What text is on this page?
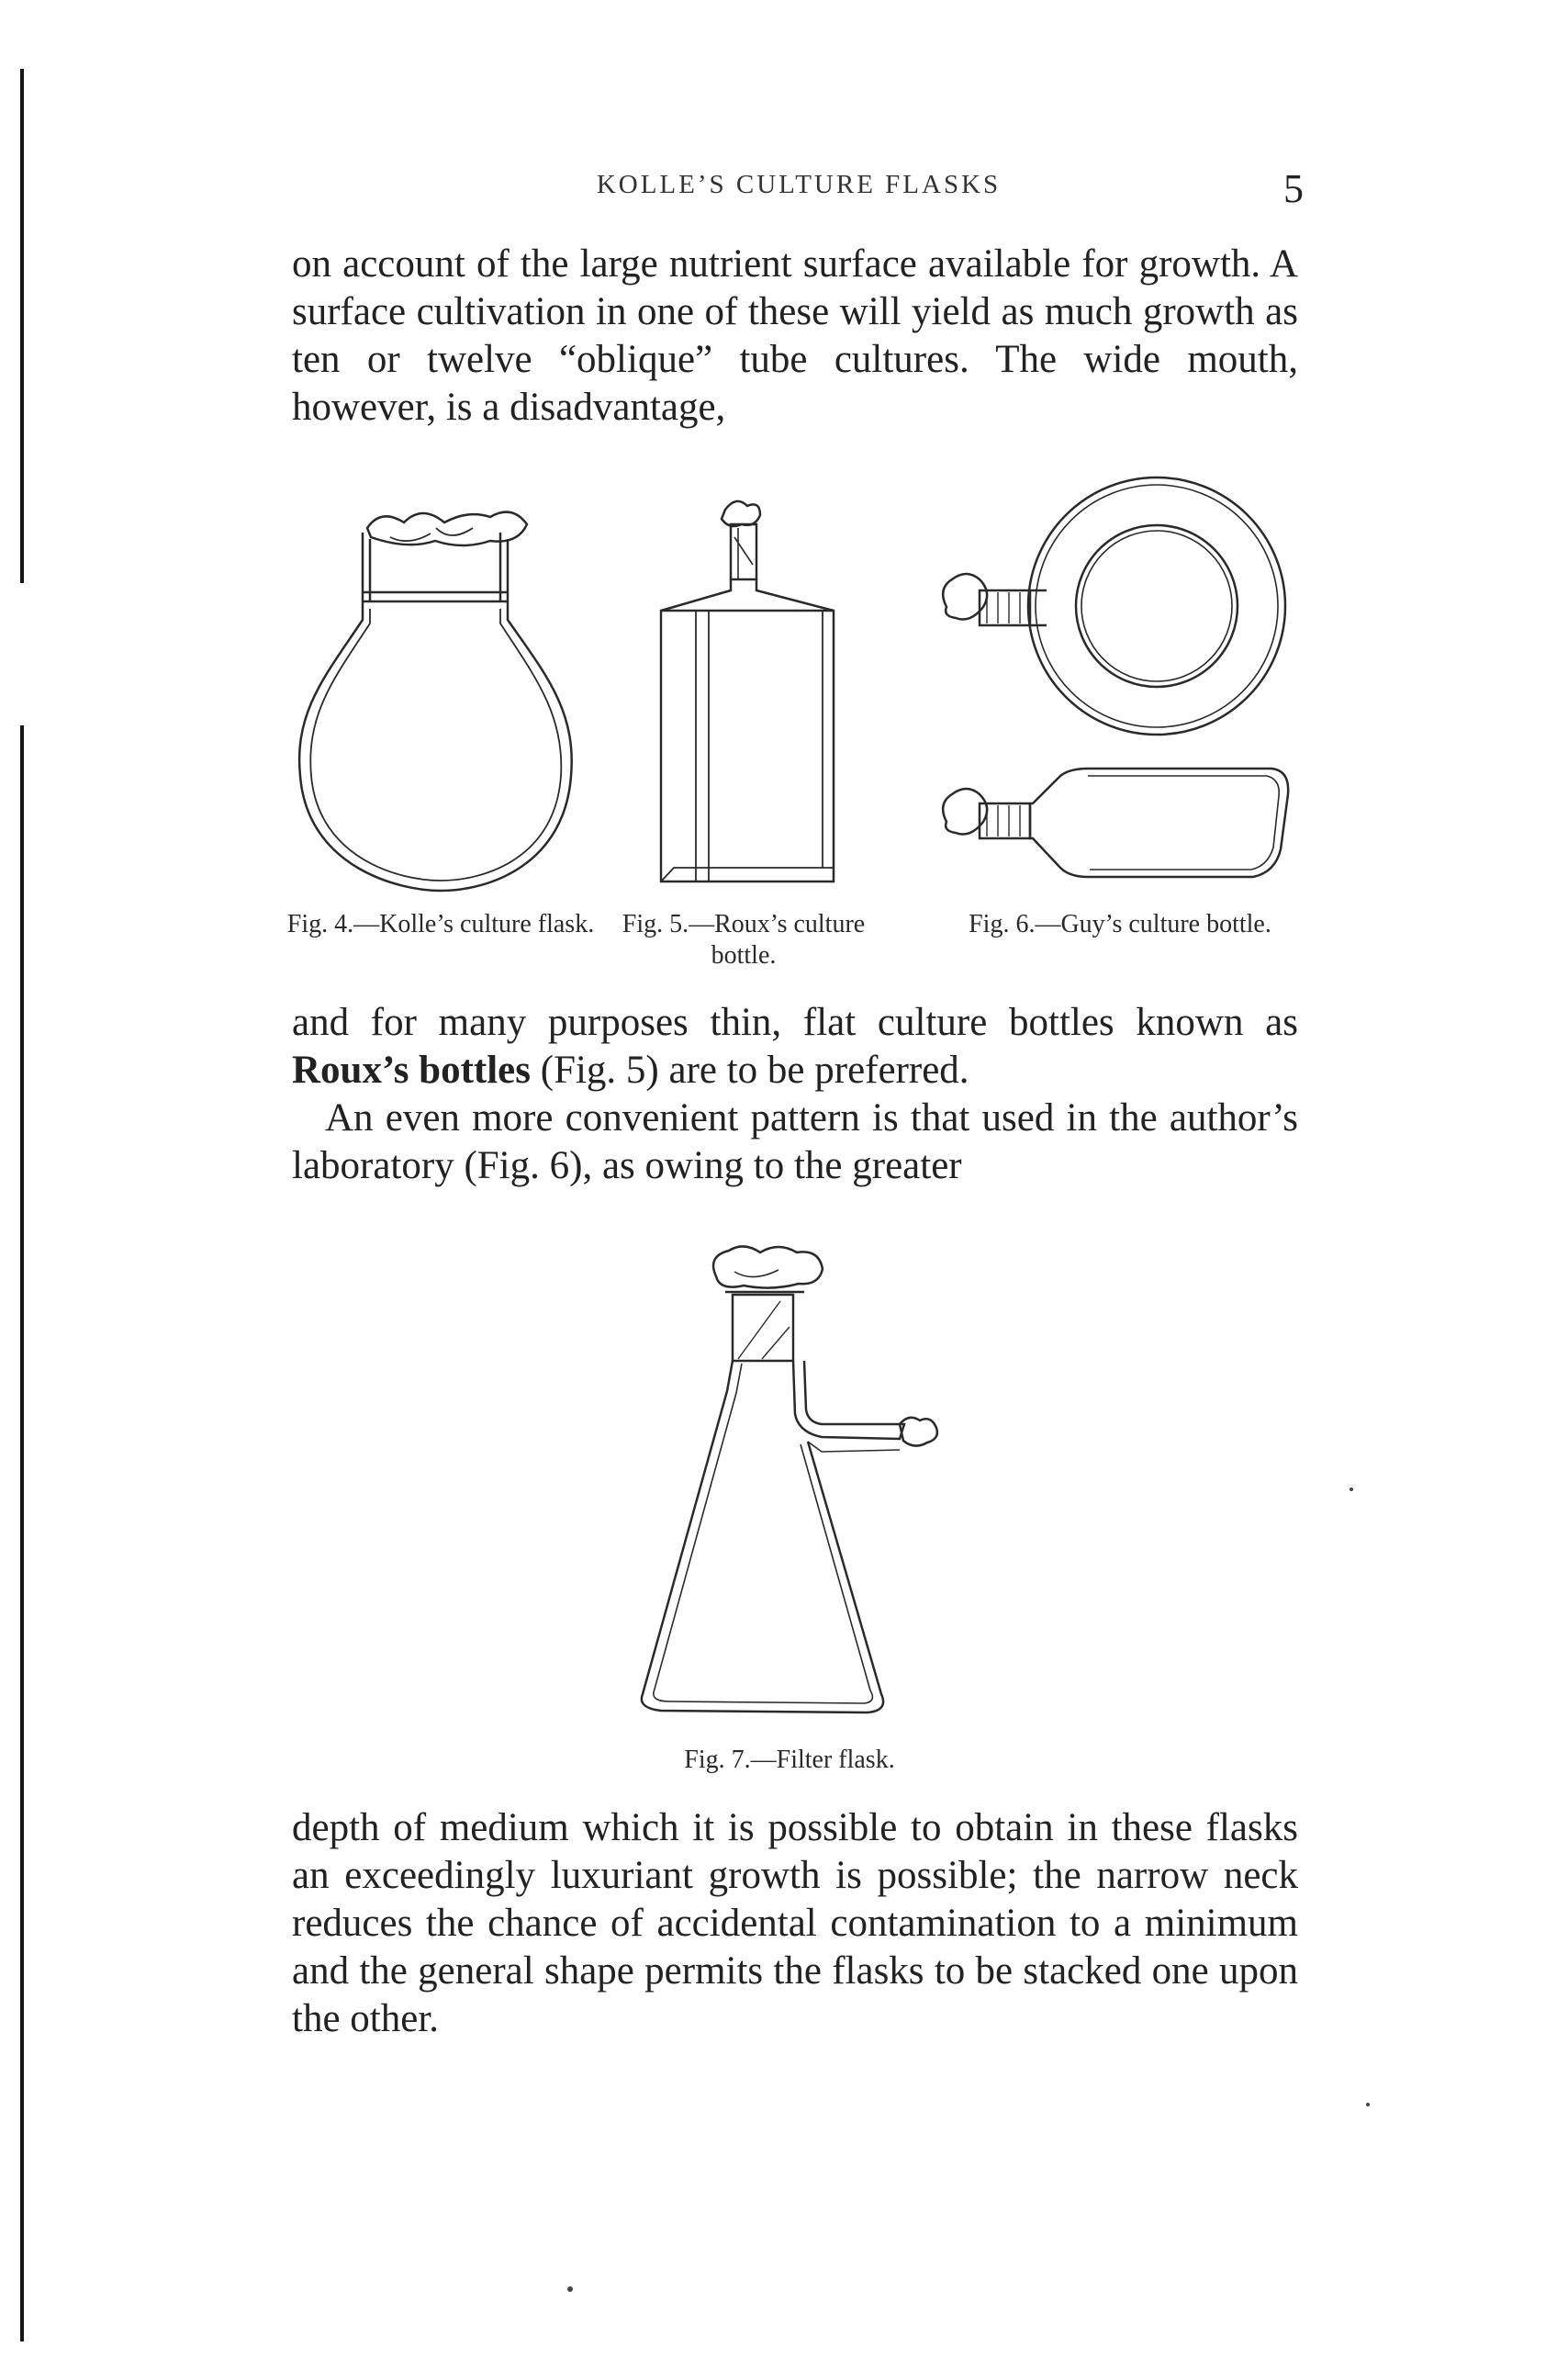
KOLLE’S CULTURE FLASKS	5

on account of the large nutrient surface available for growth. A surface cultivation in one of these will yield as much growth as ten or twelve “oblique” tube cultures. The wide mouth, however, is a disadvantage,

Fig. 4.—Kolle’s culture flask.	Fig. 5.—Roux’s culture bottle.
Fig. 6.—Guy’s culture bottle.

and for many purposes thin, flat culture bottles known as Roux’s bottles (Fig. 5) are to be preferred.

An even more convenient pattern is that used in the author’s laboratory (Fig. 6), as owing to the greater

Fig. 7.—Filter flask.

depth of medium which it is possible to obtain in these flasks an exceedingly luxuriant growth is possible; the narrow neck reduces the chance of accidental contamination to a minimum and the general shape permits the flasks to be stacked one upon the other.
